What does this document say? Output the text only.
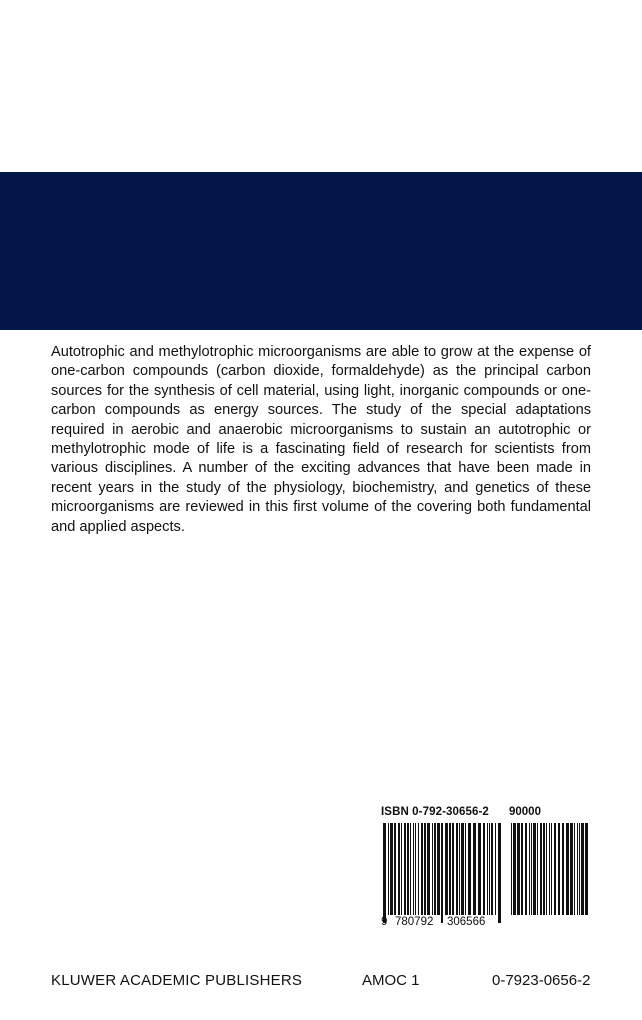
Autotrophic and methylotrophic microorganisms are able to grow at the expense of one-carbon compounds (carbon dioxide, formaldehyde) as the principal carbon sources for the synthesis of cell material, using light, inorganic compounds or one-carbon compounds as energy sources. The study of the special adaptations required in aerobic and anaerobic microorganisms to sustain an autotrophic or methylotrophic mode of life is a fascinating field of research for scientists from various disciplines. A number of the exciting advances that have been made in recent years in the study of the physiology, biochemistry, and genetics of these microorganisms are reviewed in this first volume of the covering both fundamental and applied aspects.

ISBN 0-792-30656-2 90000
9 780792 306566
KLUWER ACADEMIC PUBLISHERS	AMOC 1	0-7923-0656-2
